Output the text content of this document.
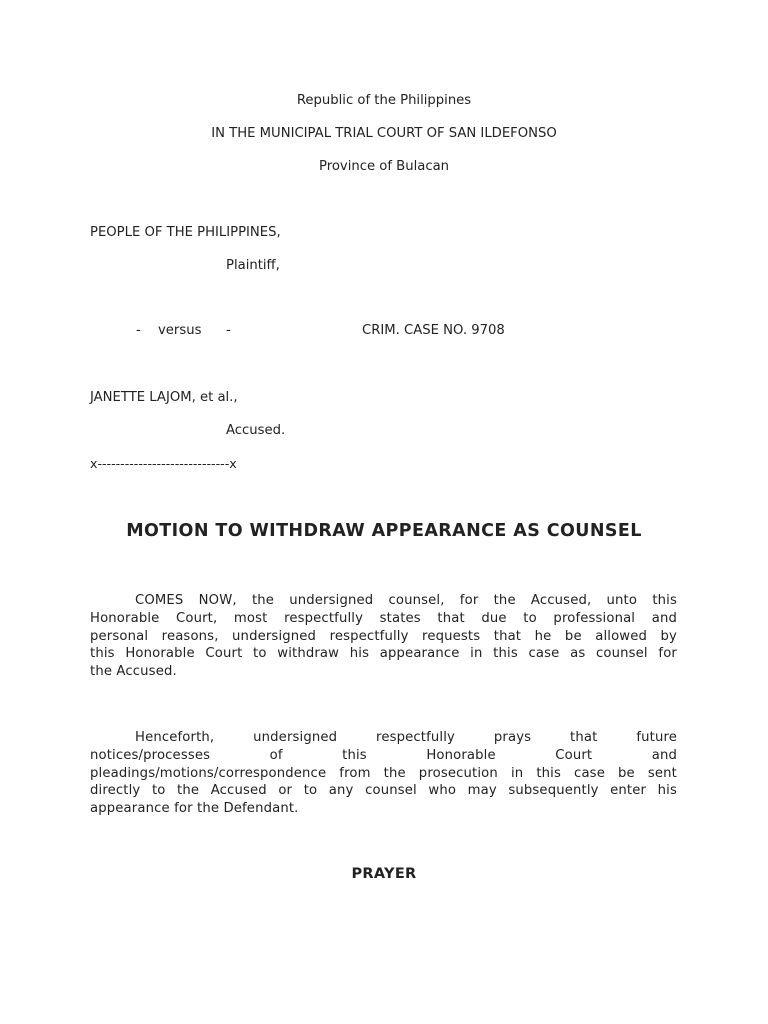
Republic of the Philippines
IN THE MUNICIPAL TRIAL COURT OF SAN ILDEFONSO
Province of Bulacan
PEOPLE OF THE PHILIPPINES,
Plaintiff,
- versus -	CRIM. CASE NO. 9708
JANETTE LAJOM, et al.,
Accused.
x-----------------------------x
MOTION TO WITHDRAW APPEARANCE AS COUNSEL
COMES NOW, the undersigned counsel, for the Accused, unto this
Honorable Court, most respectfully states that due to professional and
personal reasons, undersigned respectfully requests that he be allowed by
this Honorable Court to withdraw his appearance in this case as counsel for
the Accused.
Henceforth, undersigned respectfully prays that future
notices/processes of this Honorable Court and
pleadings/motions/correspondence from the prosecution in this case be sent
directly to the Accused or to any counsel who may subsequently enter his
appearance for the Defendant.
PRAYER
